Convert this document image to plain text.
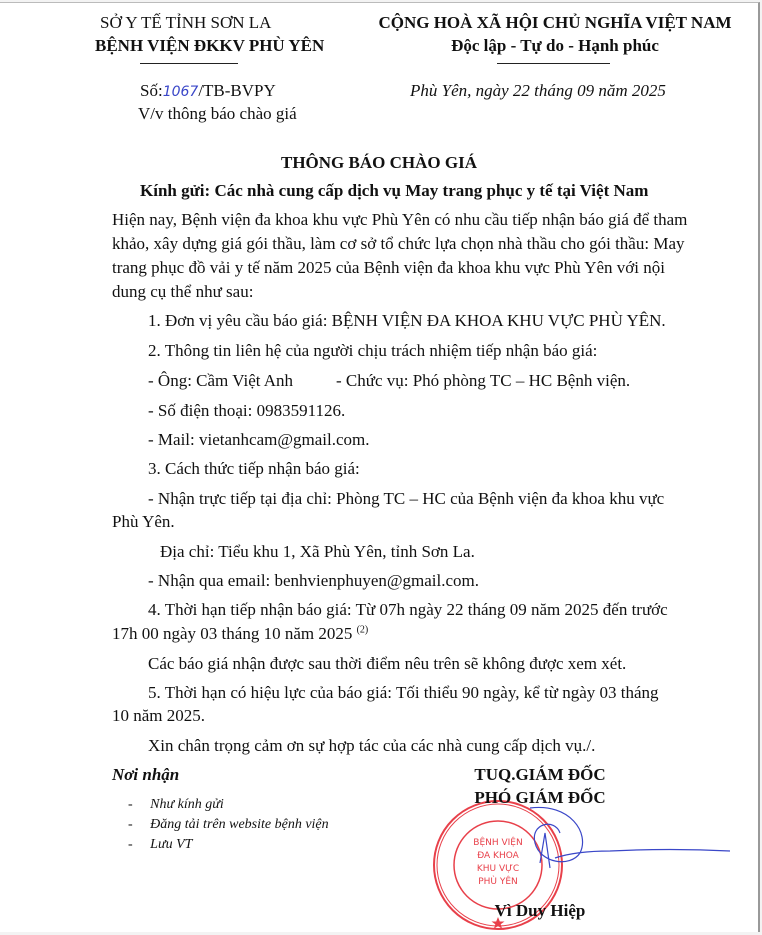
SỞ Y TẾ TỈNH SƠN LA
BỆNH VIỆN ĐKKV PHÙ YÊN
CỘNG HOÀ XÃ HỘI CHỦ NGHĨA VIỆT NAM
Độc lập - Tự do - Hạnh phúc
Số:1067/TB-BVPY
V/v thông báo chào giá
Phù Yên, ngày 22 tháng 09 năm 2025
THÔNG BÁO CHÀO GIÁ
Kính gửi: Các nhà cung cấp dịch vụ May trang phục y tế tại Việt Nam
Hiện nay, Bệnh viện đa khoa khu vực Phù Yên có nhu cầu tiếp nhận báo giá để tham
khảo, xây dựng giá gói thầu, làm cơ sở tổ chức lựa chọn nhà thầu cho gói thầu: May
trang phục đồ vải y tế năm 2025 của Bệnh viện đa khoa khu vực Phù Yên với nội
dung cụ thể như sau:
1. Đơn vị yêu cầu báo giá: BỆNH VIỆN ĐA KHOA KHU VỰC PHÙ YÊN.
2. Thông tin liên hệ của người chịu trách nhiệm tiếp nhận báo giá:
- Ông: Cầm Việt Anh	- Chức vụ: Phó phòng TC – HC Bệnh viện.
- Số điện thoại: 0983591126.
- Mail: vietanhcam@gmail.com.
3. Cách thức tiếp nhận báo giá:
- Nhận trực tiếp tại địa chỉ: Phòng TC – HC của Bệnh viện đa khoa khu vực
Phù Yên.
Địa chỉ: Tiểu khu 1, Xã Phù Yên, tỉnh Sơn La.
- Nhận qua email: benhvienphuyen@gmail.com.
4. Thời hạn tiếp nhận báo giá: Từ 07h ngày 22 tháng 09 năm 2025 đến trước
17h 00 ngày 03 tháng 10 năm 2025 $^{(2)}$
Các báo giá nhận được sau thời điểm nêu trên sẽ không được xem xét.
5. Thời hạn có hiệu lực của báo giá: Tối thiểu 90 ngày, kể từ ngày 03 tháng
10 năm 2025.
Xin chân trọng cảm ơn sự hợp tác của các nhà cung cấp dịch vụ./.
Nơi nhận
-     Như kính gửi
-     Đăng tải trên website bệnh viện
-     Lưu VT	BỆNH VIỆN
ĐA KHOA
KHU VỰC
PHÙ YÊN
TUQ.GIÁM ĐỐC
PHÓ GIÁM ĐỐC
Vì Duy Hiệp
